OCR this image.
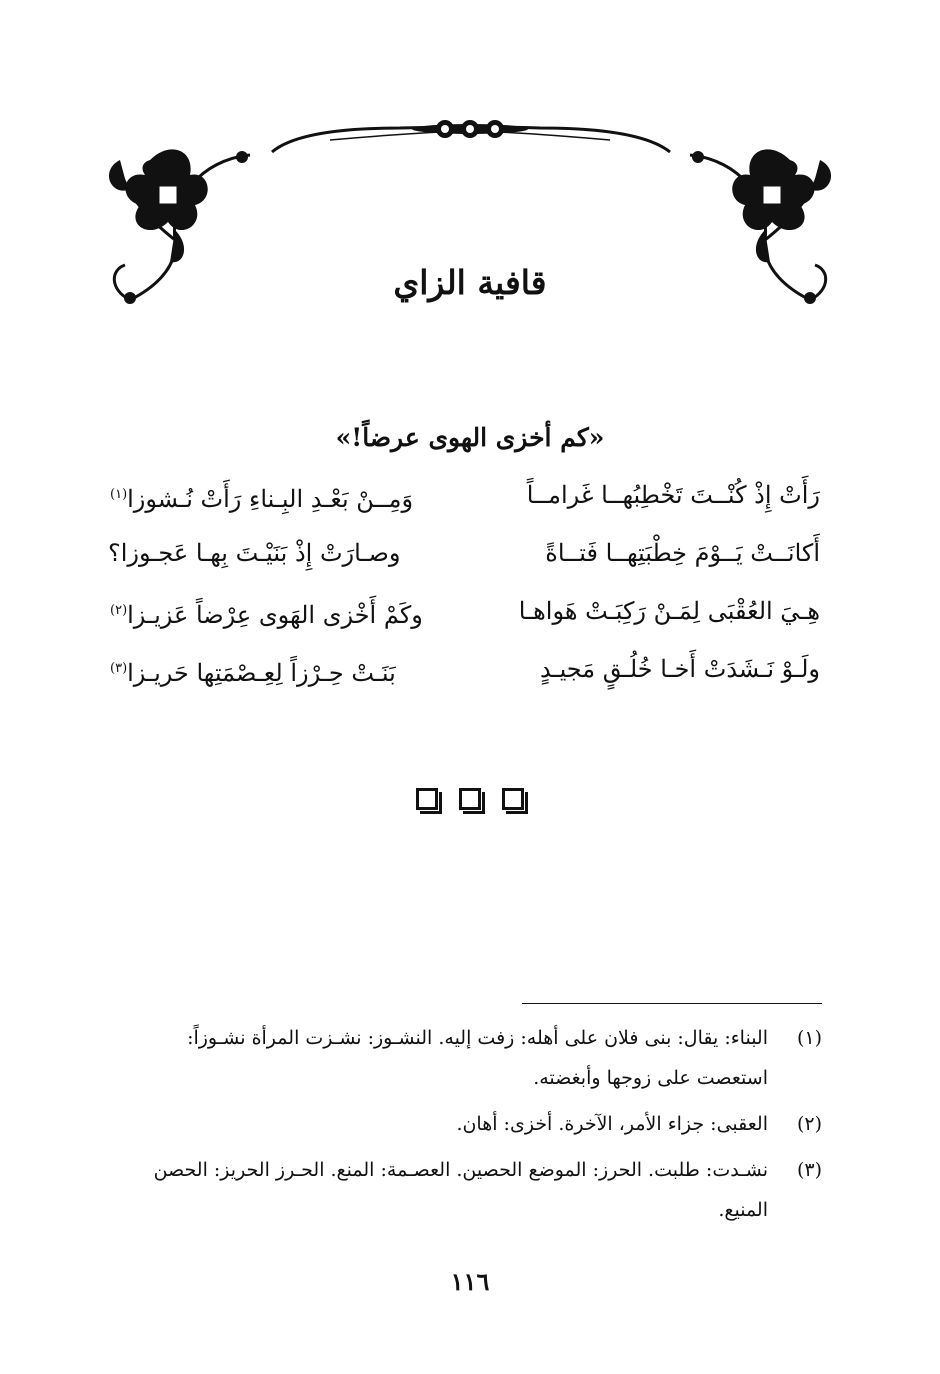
قافية الزاي
«كم أخزى الهوى عرضاً!»
رَأَتْ إِذْ كُنْــتَ تَخْطِبُهــا غَرامــاً
وَمِــنْ بَعْـدِ البِـناءِ رَأَتْ نُـشوزا$^{(١)}$
أَكانَــتْ يَــوْمَ خِطْبَتِهــا فَتــاةً
وصـارَتْ إِذْ بَنَيْـتَ بِهـا عَجـوزا؟
هِـيَ العُقْبَى لِمَـنْ رَكِبَـتْ هَواهـا
وكَمْ أَخْزى الهَوى عِرْضاً عَزيـزا$^{(٢)}$
ولَـوْ نَـشَدَتْ أَخـا خُلُـقٍ مَجيـدٍ
بَنَـتْ حِـرْزاً لِعِـصْمَتِها حَريـزا$^{(٣)}$

(١)
البناء: يقال: بنى فلان على أهله: زفت إليه. النشـوز: نشـزت المرأة نشـوزاً: استعصت على زوجها وأبغضته.
(٢)
العقبى: جزاء الأمر، الآخرة. أخزى: أهان.
(٣)
نشـدت: طلبت. الحرز: الموضع الحصين. العصـمة: المنع. الحـرز الحريز: الحصن المنيع.
١١٦
